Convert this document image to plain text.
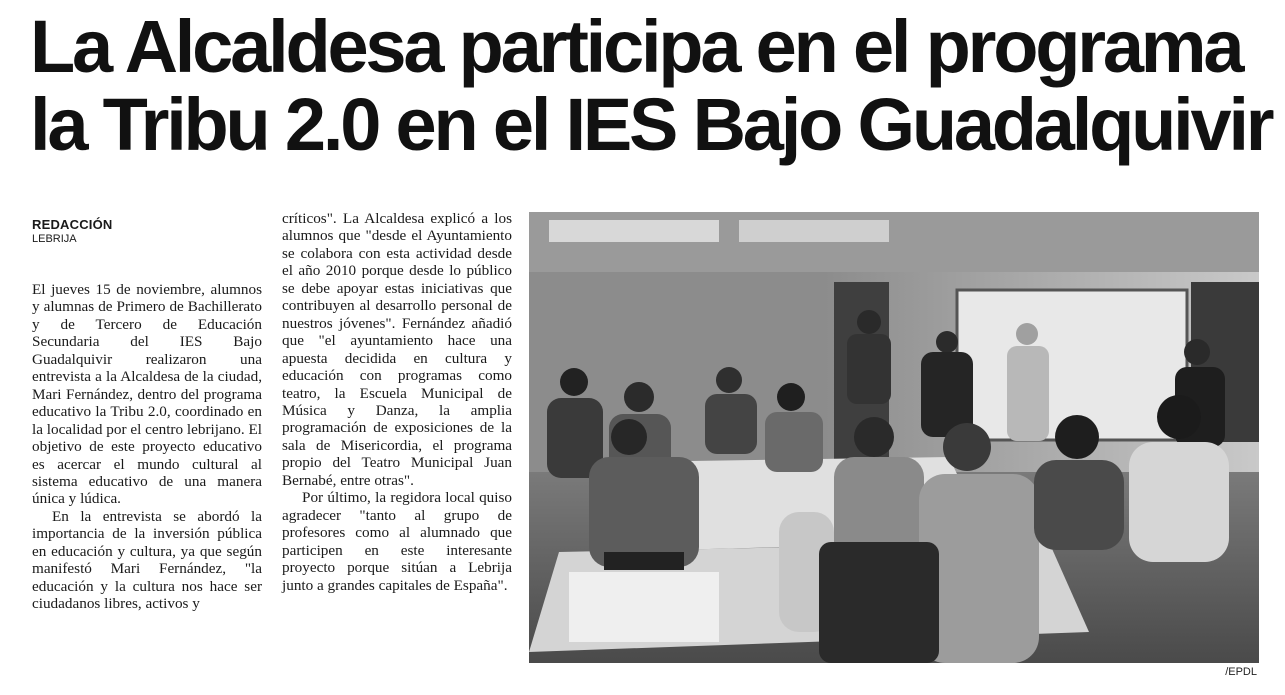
La Alcaldesa participa en el programa
la Tribu 2.0 en el IES Bajo Guadalquivir
REDACCIÓN
LEBRIJA

El jueves 15 de noviembre, alumnos y alumnas de Primero de Bachillerato y de Tercero de Educación Secundaria del IES Bajo Guadalquivir realizaron una entrevista a la Alcaldesa de la ciudad, Mari Fernández, dentro del programa educativo la Tribu 2.0, coordinado en la localidad por el centro lebrijano. El objetivo de este proyecto educativo es acercar el mundo cultural al sistema educativo de una manera única y lúdica.

En la entrevista se abordó la importancia de la inversión pública en educación y cultura, ya que según manifestó Mari Fernández, "la educación y la cultura nos hace ser ciudadanos libres, activos y

críticos". La Alcaldesa explicó a los alumnos que "desde el Ayuntamiento se colabora con esta actividad desde el año 2010 porque desde lo público se debe apoyar estas iniciativas que contribuyen al desarrollo personal de nuestros jóvenes". Fernández añadió que "el ayuntamiento hace una apuesta decidida en cultura y educación con programas como teatro, la Escuela Municipal de Música y Danza, la amplia programación de exposiciones de la sala de Misericordia, el programa propio del Teatro Municipal Juan Bernabé, entre otras".

Por último, la regidora local quiso agradecer "tanto al grupo de profesores como al alumnado que participen en este interesante proyecto porque sitúan a Lebrija junto a grandes capitales de España".

/EPDL
